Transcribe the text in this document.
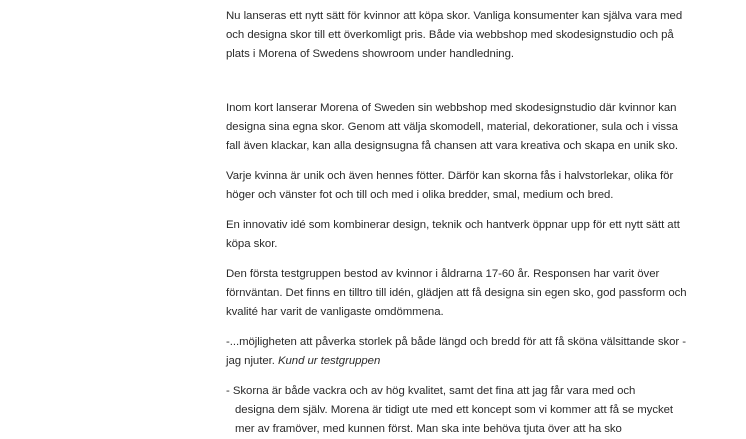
Nu lanseras ett nytt sätt för kvinnor att köpa skor. Vanliga konsumenter kan själva vara med och designa skor till ett överkomligt pris. Både via webbshop med skodesignstudio och på plats i Morena of Swedens showroom under handledning.

Inom kort lanserar Morena of Sweden sin webbshop med skodesignstudio där kvinnor kan designa sina egna skor. Genom att välja skomodell, material, dekorationer, sula och i vissa fall även klackar, kan alla designsugna få chansen att vara kreativa och skapa en unik sko.

Varje kvinna är unik och även hennes fötter. Därför kan skorna fås i halvstorlekar, olika för höger och vänster fot och till och med i olika bredder, smal, medium och bred.

En innovativ idé som kombinerar design, teknik och hantverk öppnar upp för ett nytt sätt att köpa skor.

Den första testgruppen bestod av kvinnor i åldrarna 17-60 år. Responsen har varit över förnväntan. Det finns en tilltro till idén, glädjen att få designa sin egen sko, god passform och kvalité har varit de vanligaste omdömmena.

-...möjligheten att påverka storlek på både längd och bredd för att få sköna välsittande skor -jag njuter. Kund ur testgruppen

- Skorna är både vackra och av hög kvalitet, samt det fina att jag får vara med och
designa dem själv. Morena är tidigt ute med ett koncept som vi kommer att få se mycket mer av framöver, med kunnen först. Man ska inte behöva tjuta över att ha sko
